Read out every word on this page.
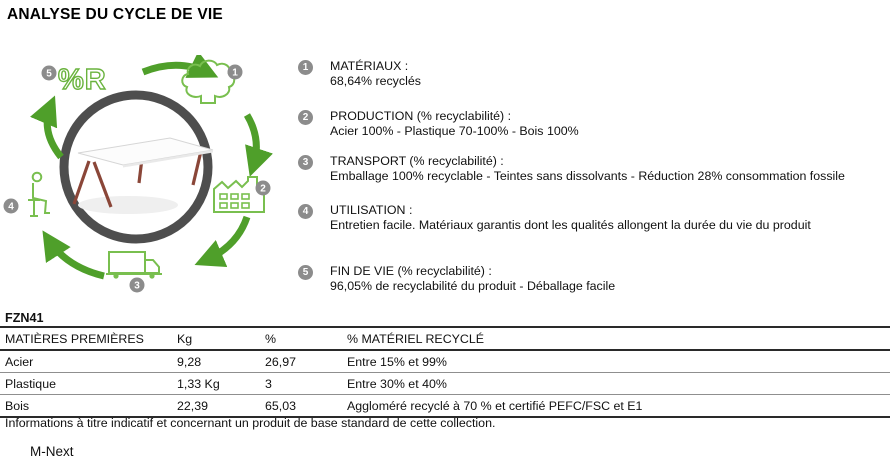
ANALYSE DU CYCLE DE VIE
%R	1
2
3
4
5
1	MATÉRIAUX :
68,64% recyclés
2	PRODUCTION (% recyclabilité) :
Acier 100% - Plastique 70-100% - Bois 100%
3	TRANSPORT (% recyclabilité) :
Emballage 100% recyclable - Teintes sans dissolvants - Réduction 28% consommation fossile
4	UTILISATION :
Entretien facile. Matériaux garantis dont les qualités allongent la durée du vie du produit
5	FIN DE VIE (% recyclabilité) :
96,05% de recyclabilité du produit - Déballage facile
FZN41
MATIÈRES PREMIÈRES	Kg	%	% MATÉRIEL RECYCLÉ
Acier	9,28	26,97	Entre 15% et 99%
Plastique	1,33 Kg	3	Entre 30% et 40%
Bois	22,39	65,03	Aggloméré recyclé à 70 % et certifié PEFC/FSC et E1
Informations à titre indicatif et concernant un produit de base standard de cette collection.
M-Next
